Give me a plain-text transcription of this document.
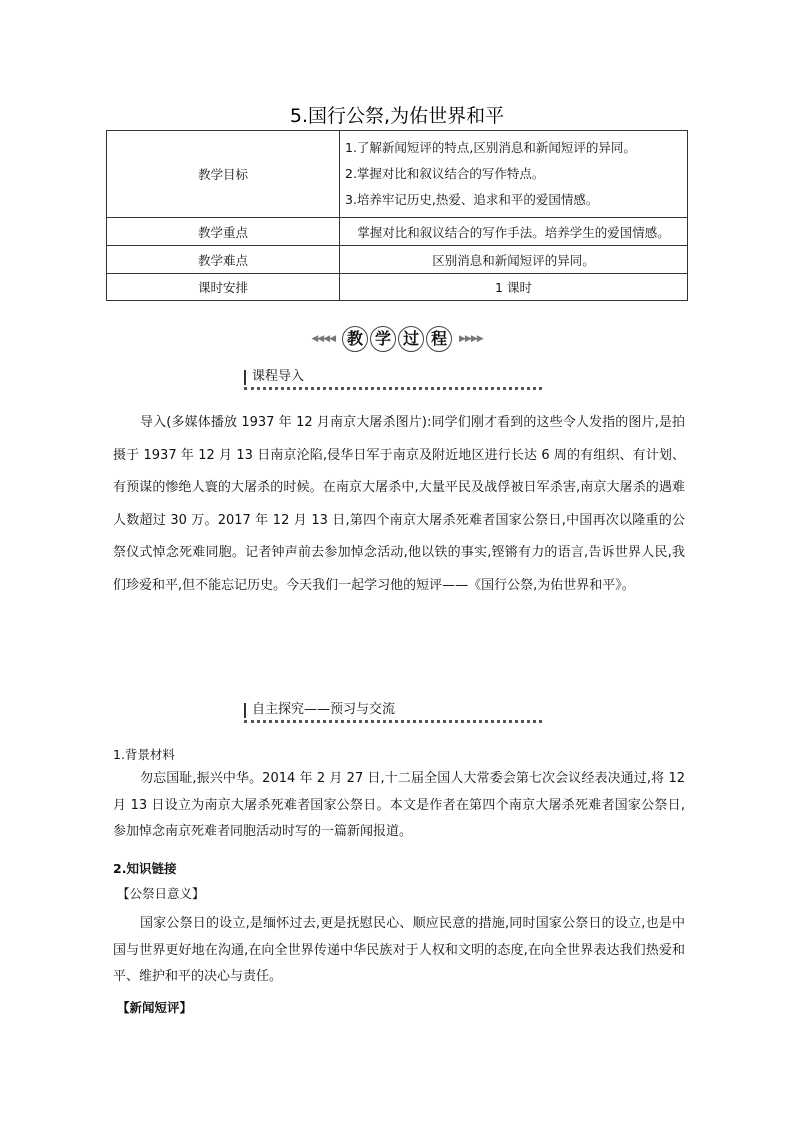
5.国行公祭,为佑世界和平
教学目标	1.了解新闻短评的特点,区别消息和新闻短评的异同。
2.掌握对比和叙议结合的写作特点。
3.培养牢记历史,热爱、追求和平的爱国情感。

教学重点	掌握对比和叙议结合的写作手法。培养学生的爱国情感。
教学难点	区别消息和新闻短评的异同。
课时安排	1 课时
◀◀◀◀ 教 学 过 程	▶▶▶▶
课程导入
导入(多媒体播放 1937 年 12 月南京大屠杀图片):同学们刚才看到的这些令人发指的图片,是拍摄于 1937 年 12 月 13 日南京沦陷,侵华日军于南京及附近地区进行长达 6 周的有组织、有计划、有预谋的惨绝人寰的大屠杀的时候。在南京大屠杀中,大量平民及战俘被日军杀害,南京大屠杀的遇难人数超过 30 万。2017 年 12 月 13 日,第四个南京大屠杀死难者国家公祭日,中国再次以隆重的公祭仪式悼念死难同胞。记者钟声前去参加悼念活动,他以铁的事实,铿锵有力的语言,告诉世界人民,我们珍爱和平,但不能忘记历史。今天我们一起学习他的短评——《国行公祭,为佑世界和平》。
自主探究——预习与交流
1.背景材料
勿忘国耻,振兴中华。2014 年 2 月 27 日,十二届全国人大常委会第七次会议经表决通过,将 12 月 13 日设立为南京大屠杀死难者国家公祭日。本文是作者在第四个南京大屠杀死难者国家公祭日,参加悼念南京死难者同胞活动时写的一篇新闻报道。
2.知识链接
【公祭日意义】
国家公祭日的设立,是缅怀过去,更是抚慰民心、顺应民意的措施,同时国家公祭日的设立,也是中国与世界更好地在沟通,在向全世界传递中华民族对于人权和文明的态度,在向全世界表达我们热爱和平、维护和平的决心与责任。
【新闻短评】
